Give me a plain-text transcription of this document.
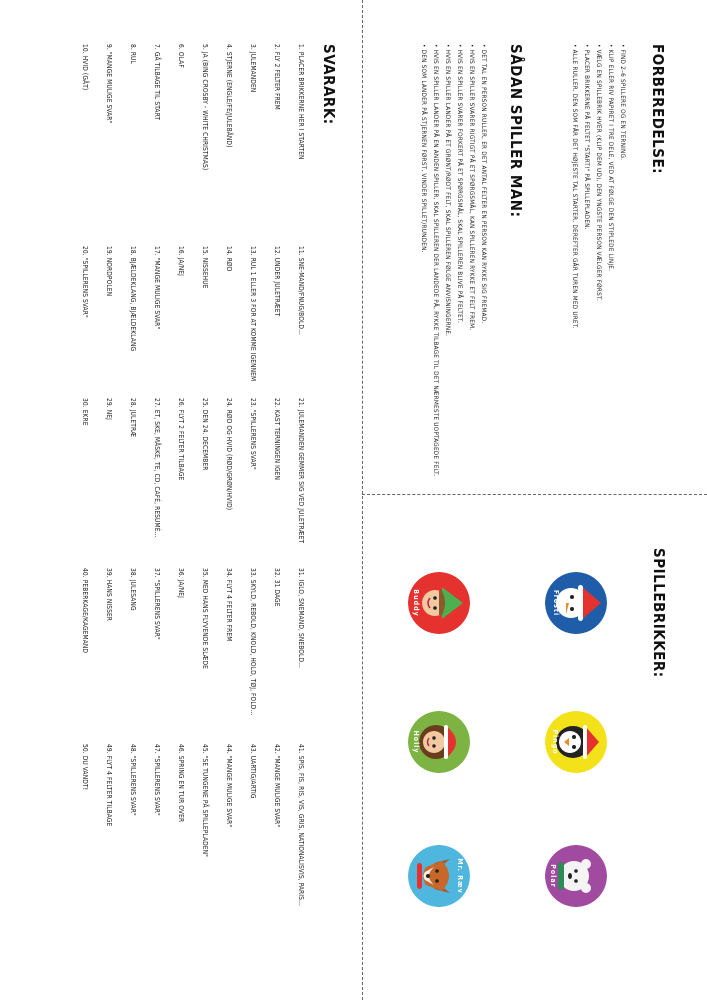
FORBEREDELSE:
• FIND 2–6 SPILLERE OG EN TERNING.
• KLIP ELLER RIV PAPIRET I TRE DELE, VED AT FØLGE DEN STIPLEDE LINJE.
• VÆLG EN SPILLEBRIK HVER (KLIP DEM UD), DEN YNGSTE PERSON VÆLGER FØRST.
• PLACER BRIKKERNE PÅ FELTET "START!" PÅ SPILLEPLADEN.
• ALLE RULLER. DEN SOM FÅR DET HØJESTE TAL STARTER, DEREFTER GÅR TUREN MED URET.
SÅDAN SPILLER MAN:
• DET TAL EN PERSON RULLER, ER DET ANTAL FELTER EN PERSON KAN RYKKE SIG FREMAD.
• HVIS EN SPILLER SVARER RIGTIGT PÅ ET SPØRGSMÅL, KAN SPILLEREN RYKKE ET FELT FREM.
• HVIS EN SPILLER SVARER FORKERT PÅ ET SPØRGSMÅL, SKAL SPILLEREN BLIVE PÅ FELTET.
• HVIS EN SPILLER LANDER PÅ ET GRØNT/RØDT FELT, SKAL SPILLEREN FØLGE ANVISNINGERNE.
• HVIS EN SPILLER LANDER PÅ EN ANDEN SPILLER, SKAL SPILLEREN DER LANDEDE PÅ, RYKKE TILBAGE TIL DET NÆRMESTE UOPTAGEDE FELT.
• DEN SOM LANDER PÅ STJERNEN FØRST, VINDER SPILLET/RUNDEN.
SVARARK:
1. PLACER BRIKKERNE HER I STARTEN
2. FLY 2 FELTER FREM
3. JULEMANDEN
4. STJERNE (ENGLE/FE/JULEBÅND)
5. JA (BING CROSBY - WHITE CHRISTMAS)
6. OLAF
7. GÅ TILBAGE TIL START
8. RUL
9. "MANGE MULIGE SVAR"
10. HVID (GÅT)
11. SNE-MAND/FNUG/BOLD...
12. UNDER JULETRÆET
13. RUL 1 ELLER 3 FOR AT KOMME IGENNEM
14. RØD
15. NISSEHUE
16. JA/NEJ
17. "MANGE MULIGE SVAR"
18. BJÆLDEKLANG, BJÆLDEKLANG
19. NORDPOLEN
20. "SPILLERENS SVAR"
21. JULEMANDEN GEMMER SIG VED JULETRÆET
22. KAST TERNINGEN IGEN
23. "SPILLERENS SVAR"
24. RØD OG HVID (RØD/GRØN/HVID)
25. DEN 24. DECEMBER
26. FLYT 2 FELTER TILBAGE
27. ET, SKE, MÅSKE, TE, CD, CAFÉ, RESUMÉ...
28. JULETRÆ
29. NEJ
30. EKRE
31. IGLO, SNEMAND, SNEBOLD...
32. 31 DAGE
33. SKYLD, REBOLD, KNOLD, HOLD, TØJ, FOLD...
34. FLYT 4 FELTER FREM
35. MED HANS FLYVENDE SLÆDE
36. JA/NEJ
37. "SPILLERENS SVAR"
38. JULESANG
39. HANS NISSER
40. PEBERKAGE/KAGEMAND
41. SPIS, FIS, RIS, VIS, GRIS, NATIONALISVIS, PARIS...
42. "MANGE MULIGE SVAR"
43. UARTIG/ARTIG
44. "MANGE MULIGE SVAR"
45. "SE TUNGENE PÅ SPILLEPLADEN"
46. SPRING EN TUR OVER
47. "SPILLERENS SVAR"
48. "SPILLERENS SVAR"
49. FLYT 4 FELTER TILBAGE
50. DU VANDT!
SPILLEBRIKKER:
Frosti
Pingo
Polar
Buddy
Holly
Mr. Ræv
